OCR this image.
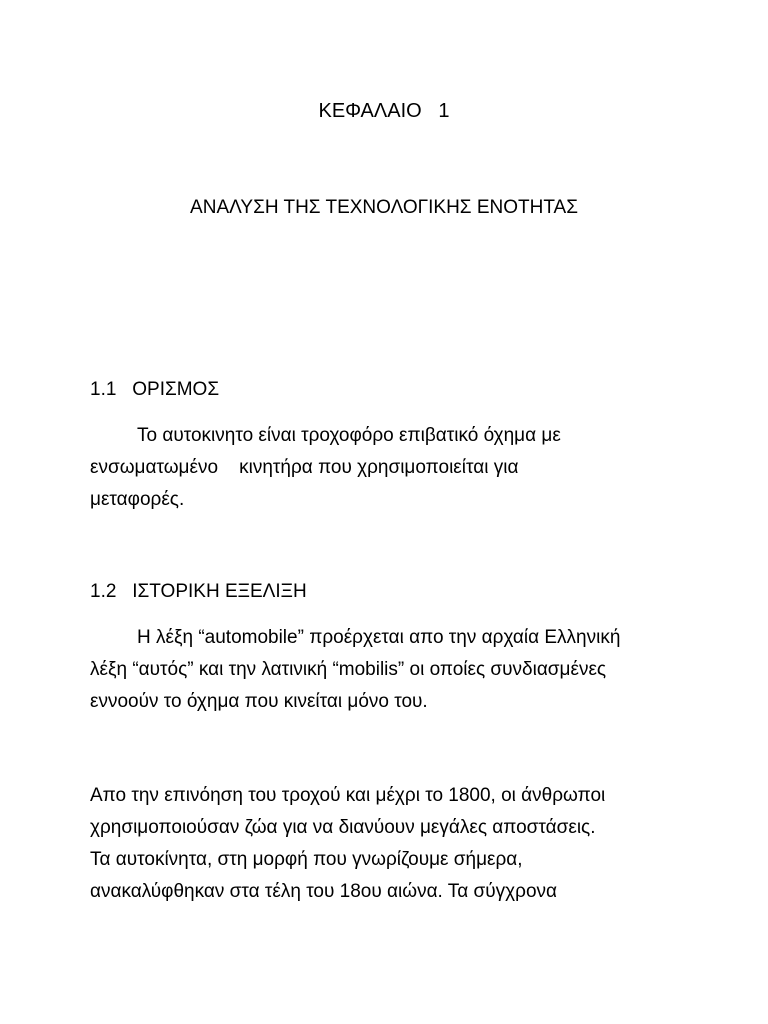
ΚΕΦΑΛΑΙΟ   1
ΑΝΑΛΥΣΗ ΤΗΣ ΤΕΧΝΟΛΟΓΙΚΗΣ ΕΝΟΤΗΤΑΣ
1.1   ΟΡΙΣΜΟΣ
Το αυτοκινητο είναι τροχοφόρο επιβατικό όχημα με
ενσωματωμένο    κινητήρα που χρησιμοποιείται για
μεταφορές.
1.2   ΙΣΤΟΡΙΚΗ ΕΞΕΛΙΞΗ
Η λέξη “automobile” προέρχεται απο την αρχαία Ελληνική
λέξη “αυτός” και την λατινική “mobilis” οι οποίες συνδιασμένες
εννοούν το όχημα που κινείται μόνο του.
Απο την επινόηση του τροχού και μέχρι το 1800, οι άνθρωποι
χρησιμοποιούσαν ζώα για να διανύουν μεγάλες αποστάσεις.
Τα αυτοκίνητα, στη μορφή που γνωρίζουμε σήμερα,
ανακαλύφθηκαν στα τέλη του 18ου αιώνα. Τα σύγχρονα
